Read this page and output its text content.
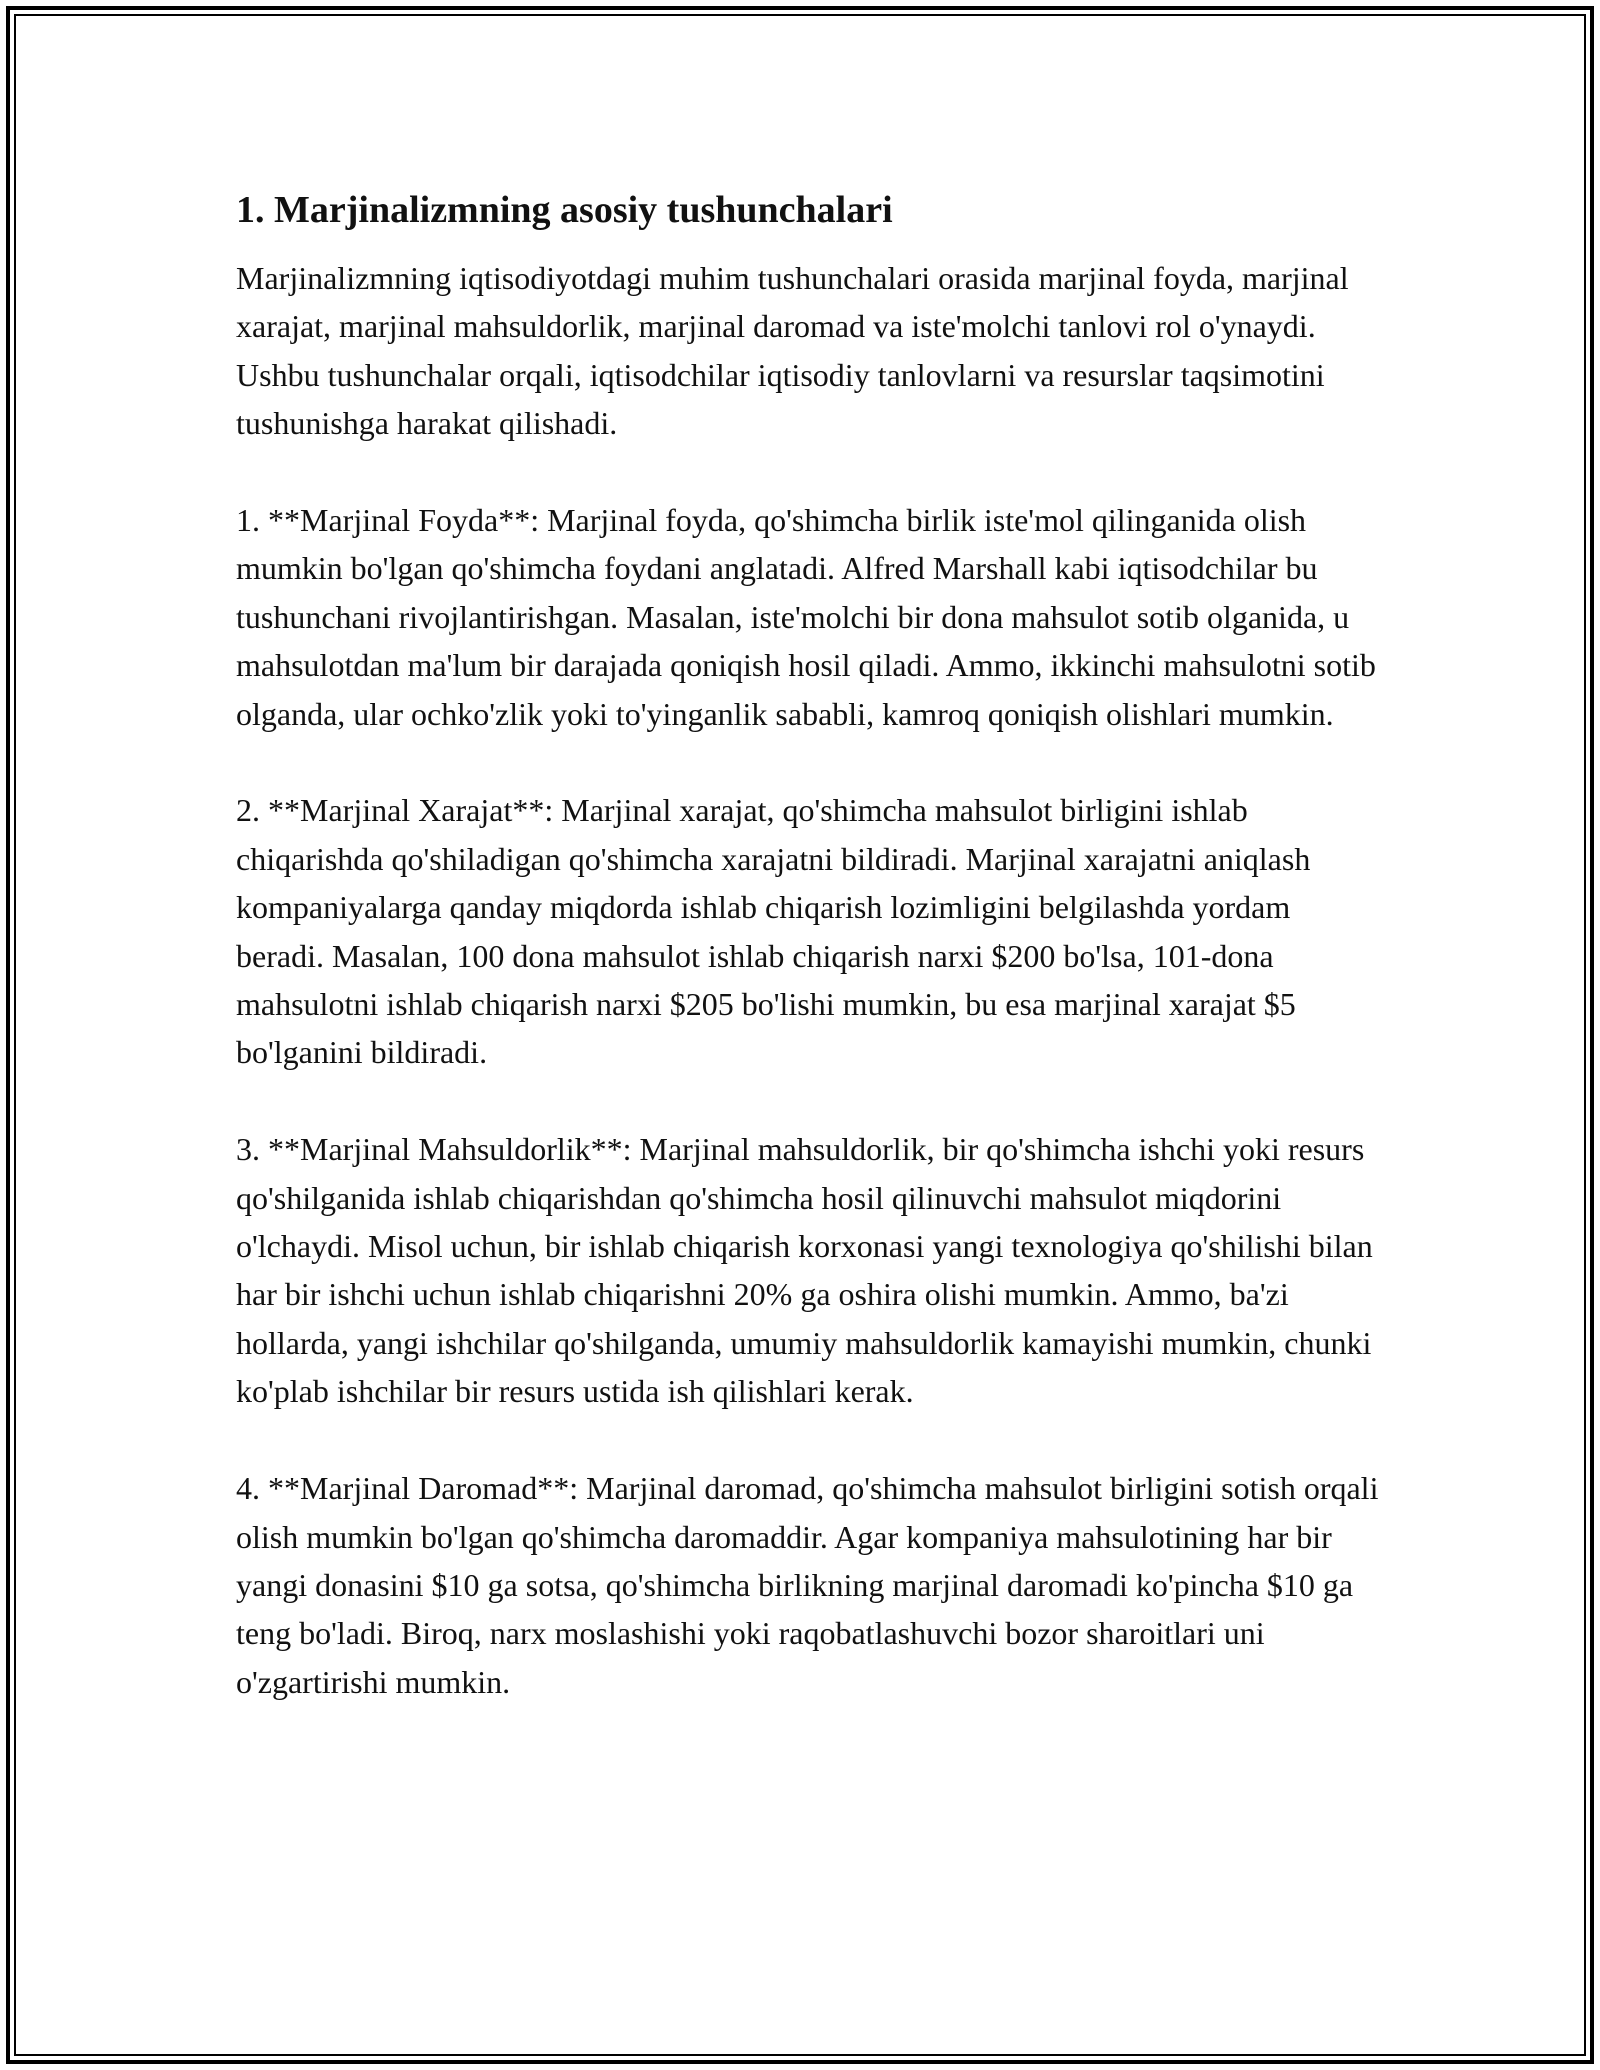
1. Marjinalizmning asosiy tushunchalari

Marjinalizmning iqtisodiyotdagi muhim tushunchalari orasida marjinal foyda, marjinal xarajat, marjinal mahsuldorlik, marjinal daromad va iste'molchi tanlovi rol o'ynaydi. Ushbu tushunchalar orqali, iqtisodchilar iqtisodiy tanlovlarni va resurslar taqsimotini tushunishga harakat qilishadi.

1. **Marjinal Foyda**: Marjinal foyda, qo'shimcha birlik iste'mol qilinganida olish mumkin bo'lgan qo'shimcha foydani anglatadi. Alfred Marshall kabi iqtisodchilar bu tushunchani rivojlantirishgan. Masalan, iste'molchi bir dona mahsulot sotib olganida, u mahsulotdan ma'lum bir darajada qoniqish hosil qiladi. Ammo, ikkinchi mahsulotni sotib olganda, ular ochko'zlik yoki to'yinganlik sababli, kamroq qoniqish olishlari mumkin.

2. **Marjinal Xarajat**: Marjinal xarajat, qo'shimcha mahsulot birligini ishlab chiqarishda qo'shiladigan qo'shimcha xarajatni bildiradi. Marjinal xarajatni aniqlash kompaniyalarga qanday miqdorda ishlab chiqarish lozimligini belgilashda yordam beradi. Masalan, 100 dona mahsulot ishlab chiqarish narxi $200 bo'lsa, 101-dona mahsulotni ishlab chiqarish narxi $205 bo'lishi mumkin, bu esa marjinal xarajat $5 bo'lganini bildiradi.

3. **Marjinal Mahsuldorlik**: Marjinal mahsuldorlik, bir qo'shimcha ishchi yoki resurs qo'shilganida ishlab chiqarishdan qo'shimcha hosil qilinuvchi mahsulot miqdorini o'lchaydi. Misol uchun, bir ishlab chiqarish korxonasi yangi texnologiya qo'shilishi bilan har bir ishchi uchun ishlab chiqarishni 20% ga oshira olishi mumkin. Ammo, ba'zi hollarda, yangi ishchilar qo'shilganda, umumiy mahsuldorlik kamayishi mumkin, chunki ko'plab ishchilar bir resurs ustida ish qilishlari kerak.

4. **Marjinal Daromad**: Marjinal daromad, qo'shimcha mahsulot birligini sotish orqali olish mumkin bo'lgan qo'shimcha daromaddir. Agar kompaniya mahsulotining har bir yangi donasini $10 ga sotsa, qo'shimcha birlikning marjinal daromadi ko'pincha $10 ga teng bo'ladi. Biroq, narx moslashishi yoki raqobatlashuvchi bozor sharoitlari uni o'zgartirishi mumkin.
